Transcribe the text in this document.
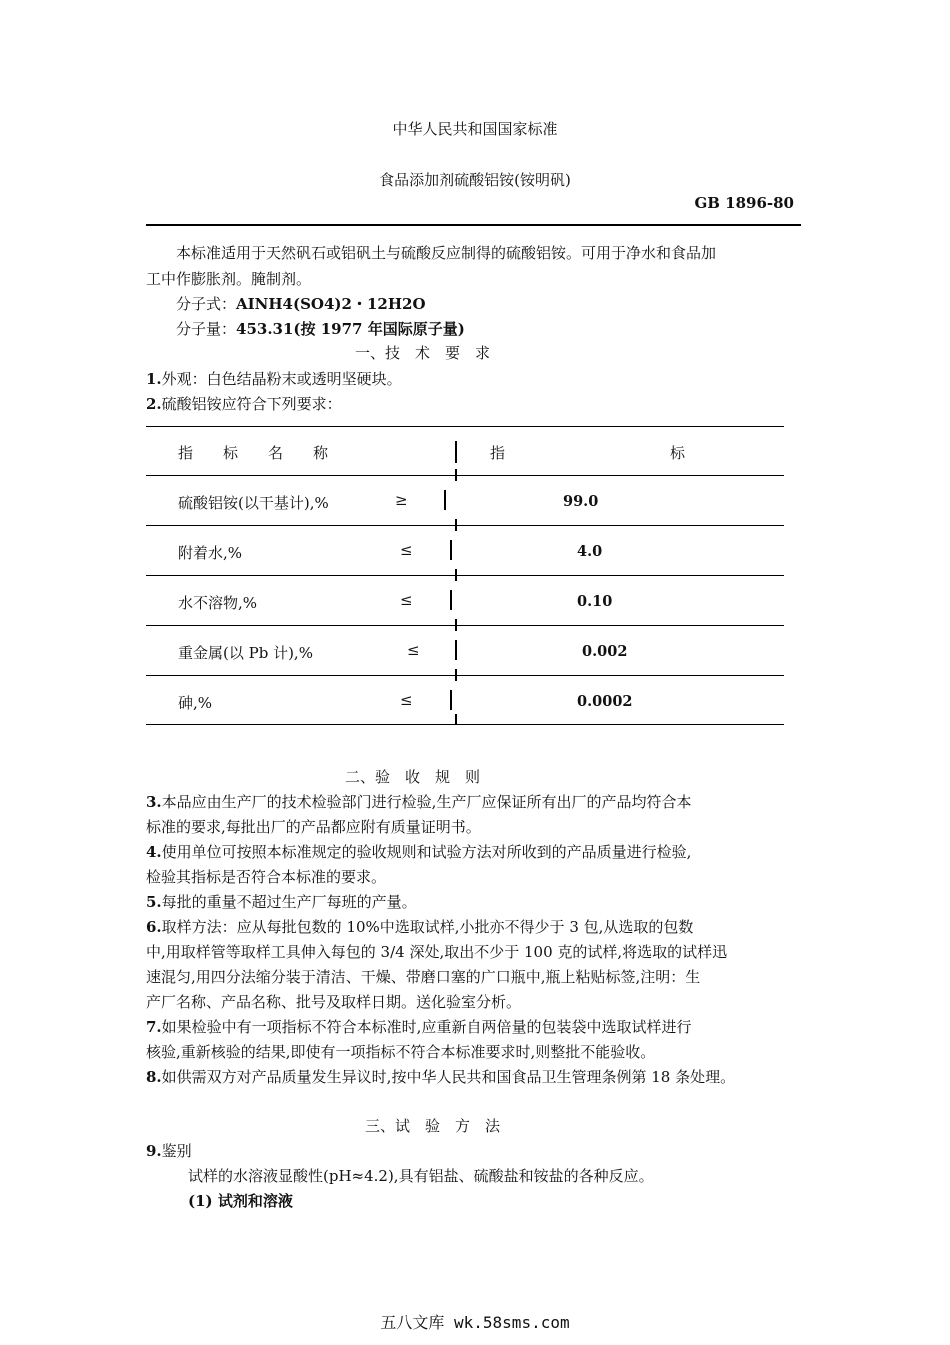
中华人民共和国国家标准
食品添加剂硫酸铝铵(铵明矾)
GB 1896-80
本标准适用于天然矾石或铝矾土与硫酸反应制得的硫酸铝铵。可用于净水和食品加
工中作膨胀剂。腌制剂。
分子式：AINH4(SO4)2・12H2O
分子量：453.31(按 1977 年国际原子量)
一、技　术　要　求
1.外观：白色结晶粉末或透明坚硬块。
2.硫酸铝铵应符合下列要求：
指　　标　　名　　称	指　　　　　　　　　　　标
硫酸铝铵(以干基计),%	≥	99.0
附着水,%	≤	4.0
水不溶物,%	≤	0.10
重金属(以 Pb 计),%	≤	0.002
砷,%	≤	0.0002
二、验　收　规　则
3.本品应由生产厂的技术检验部门进行检验,生产厂应保证所有出厂的产品均符合本
标准的要求,每批出厂的产品都应附有质量证明书。
4.使用单位可按照本标准规定的验收规则和试验方法对所收到的产品质量进行检验,
检验其指标是否符合本标准的要求。
5.每批的重量不超过生产厂每班的产量。
6.取样方法：应从每批包数的 10%中选取试样,小批亦不得少于 3 包,从选取的包数
中,用取样管等取样工具伸入每包的 3/4 深处,取出不少于 100 克的试样,将选取的试样迅
速混匀,用四分法缩分装于清洁、干燥、带磨口塞的广口瓶中,瓶上粘贴标签,注明：生
产厂名称、产品名称、批号及取样日期。送化验室分析。
7.如果检验中有一项指标不符合本标准时,应重新自两倍量的包装袋中选取试样进行
核验,重新核验的结果,即使有一项指标不符合本标准要求时,则整批不能验收。
8.如供需双方对产品质量发生异议时,按中华人民共和国食品卫生管理条例第 18 条处理。
三、试　验　方　法
9.鉴别
试样的水溶液显酸性(pH≈4.2),具有铝盐、硫酸盐和铵盐的各种反应。
(1) 试剂和溶液
五八文库 wk.58sms.com
